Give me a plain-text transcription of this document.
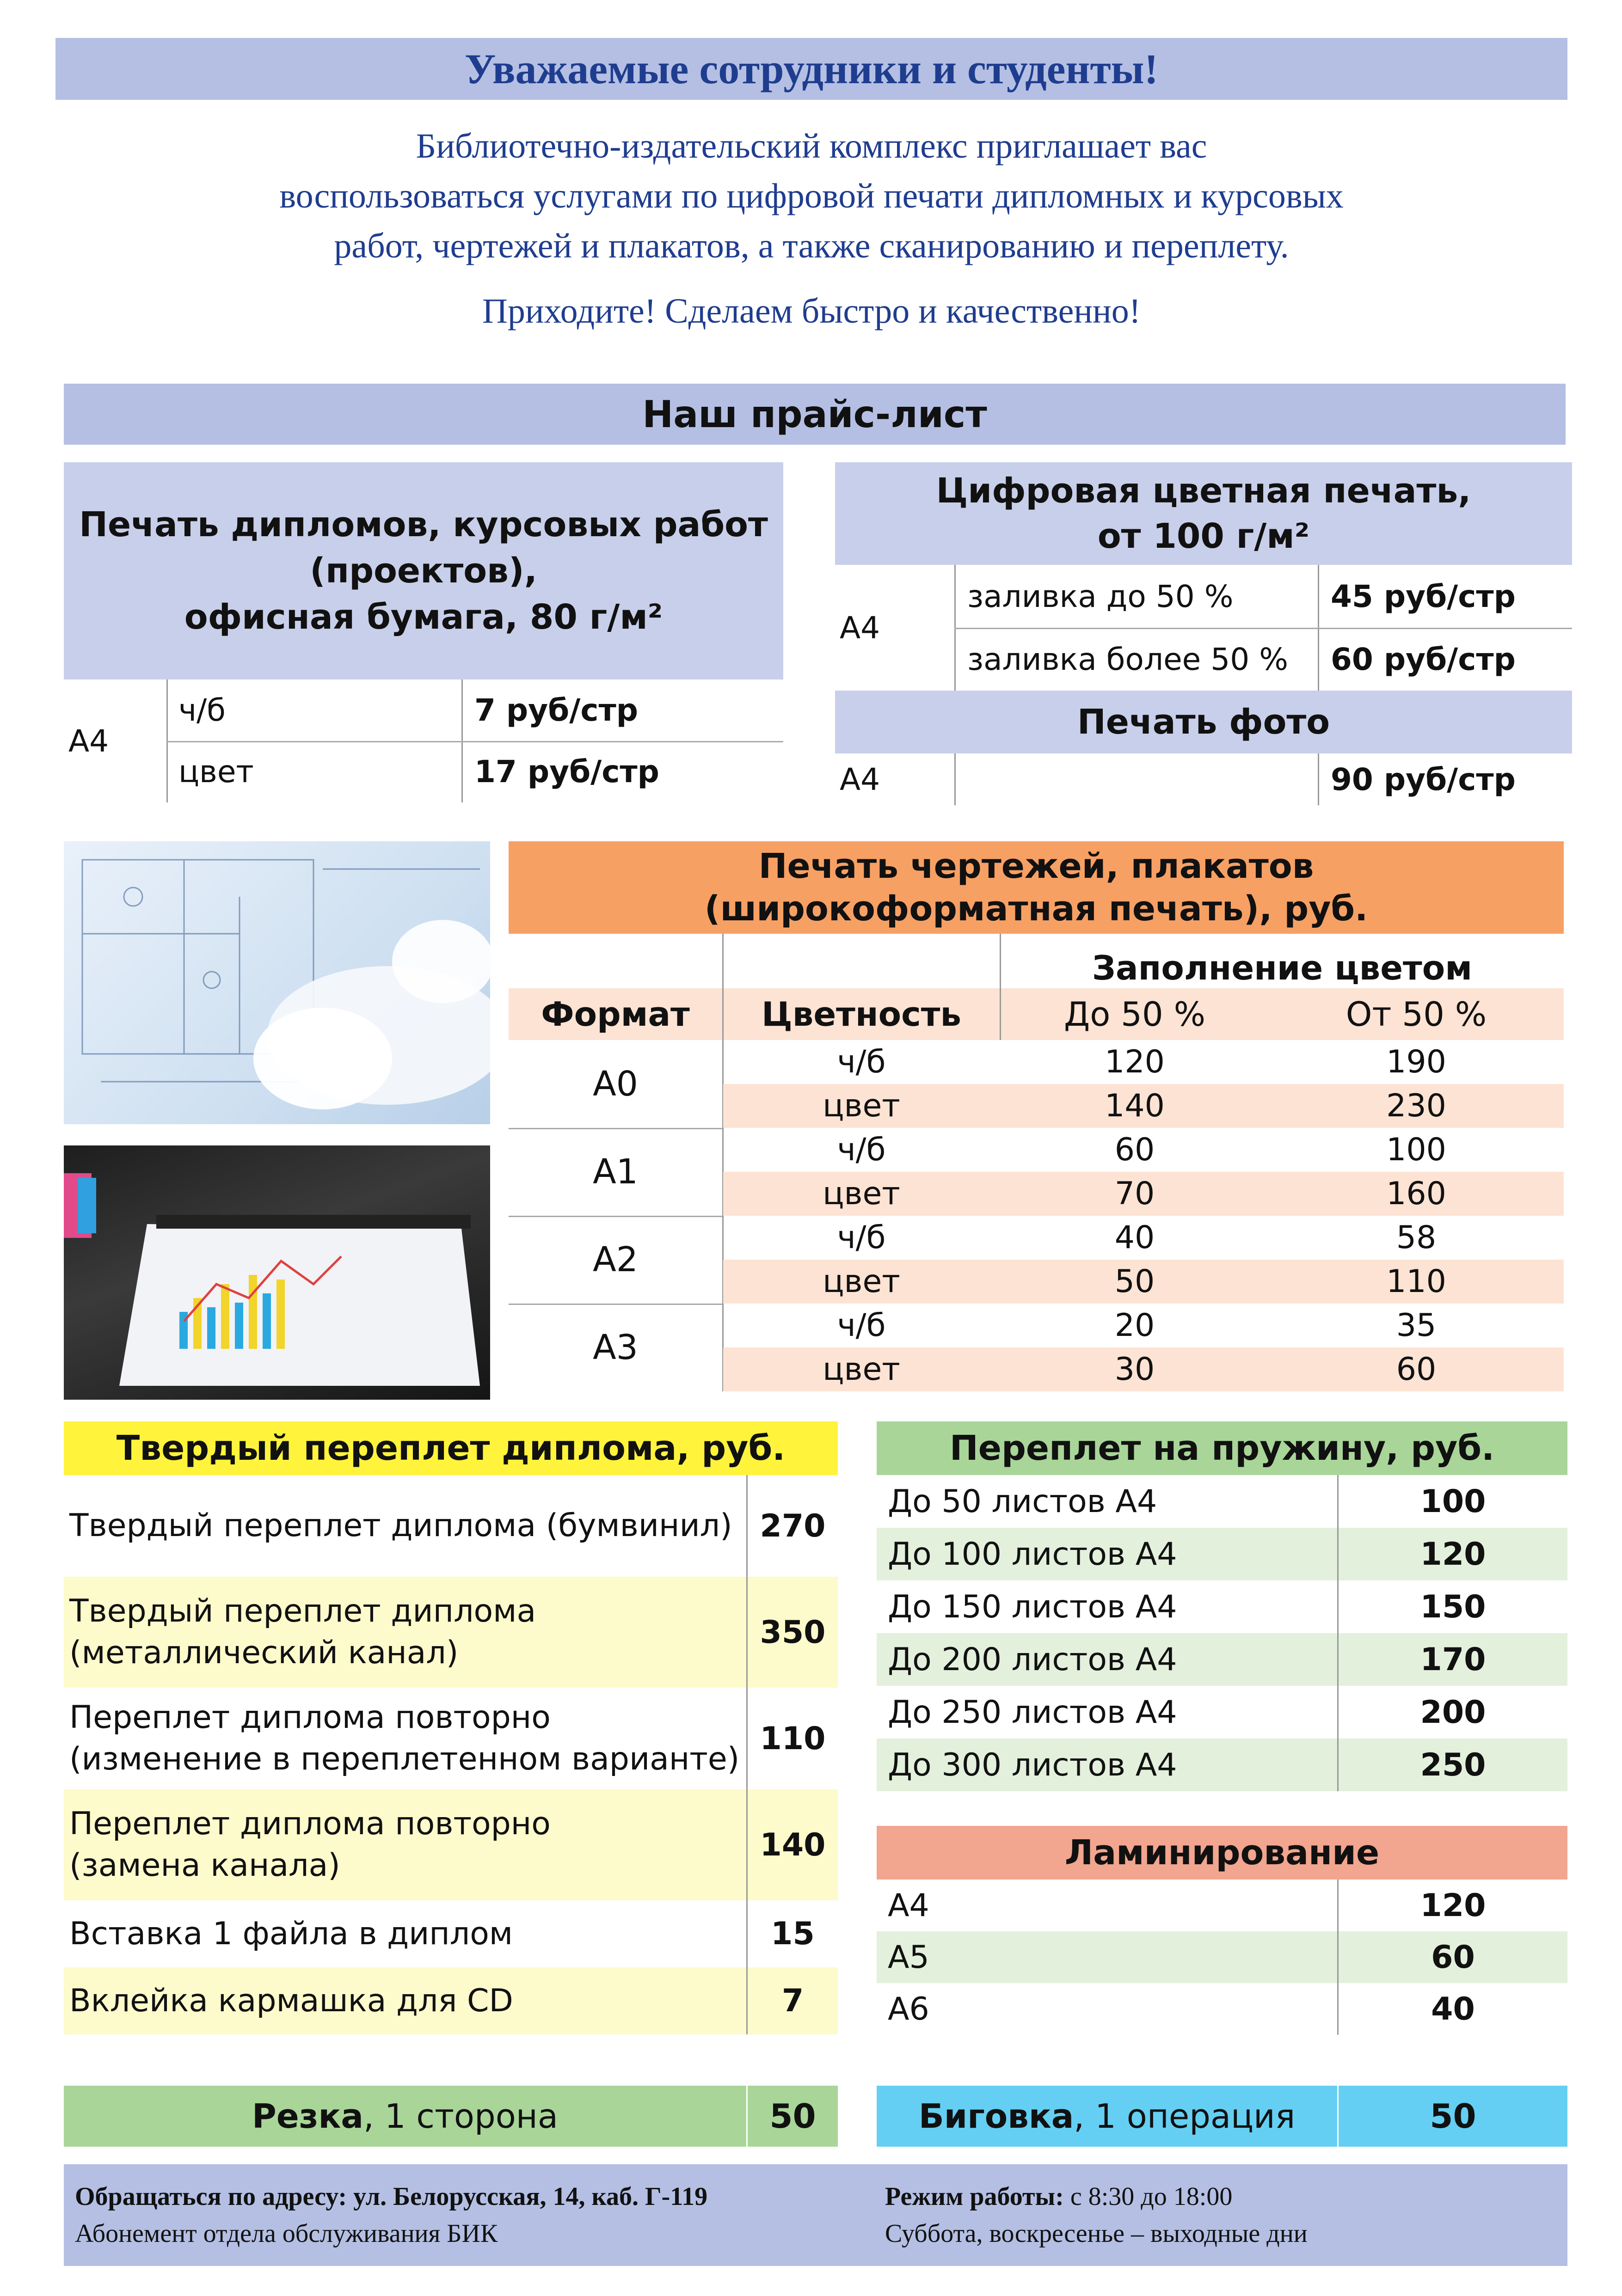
Уважаемые сотрудники и студенты!
Библиотечно-издательский комплекс приглашает вас
воспользоваться услугами по цифровой печати дипломных и курсовых
работ, чертежей и плакатов, а также сканированию и переплету.
Приходите! Сделаем быстро и качественно!
Наш прайс-лист
Печать дипломов, курсовых работ
(проектов),
офисная бумага, 80 г/м²
А4
ч/б	7 руб/стр
цвет	17 руб/стр
Цифровая цветная печать,
от 100 г/м²
А4
заливка до 50 %	45 руб/стр
заливка более 50 % 60 руб/стр
Печать фото
А4	90 руб/стр
Печать чертежей, плакатов
(широкоформатная печать), руб.
Заполнение цветом
Формат Цветность	До 50 %	От 50 %
А0
ч/б	120	190
цвет	140	230
А1
ч/б	60	100
цвет	70	160
А2
ч/б	40	58
цвет	50	110
А3
ч/б	20	35
цвет	30	60
Твердый переплет диплома, руб.
Твердый переплет диплома (бумвинил) 270
Твердый переплет диплома
(металлический канал)
350
Переплет диплома повторно
(изменение в переплетенном варианте)
110
Переплет диплома повторно
(замена канала)
140
Вставка 1 файла в диплом	15
Вклейка кармашка для CD	7
Переплет на пружину, руб.
До 50 листов А4	100
До 100 листов А4	120
До 150 листов А4	150
До 200 листов А4	170
До 250 листов А4	200
До 300 листов А4	250
Ламинирование
А4	120
А5	60
А6	40
Резка , 1 сторона	50	Биговка , 1 операция	50
Обращаться по адресу: ул. Белорусская, 14, каб. Г-119
Абонемент отдела обслуживания БИК
Режим работы: с 8:30 до 18:00
Суббота, воскресенье – выходные дни
